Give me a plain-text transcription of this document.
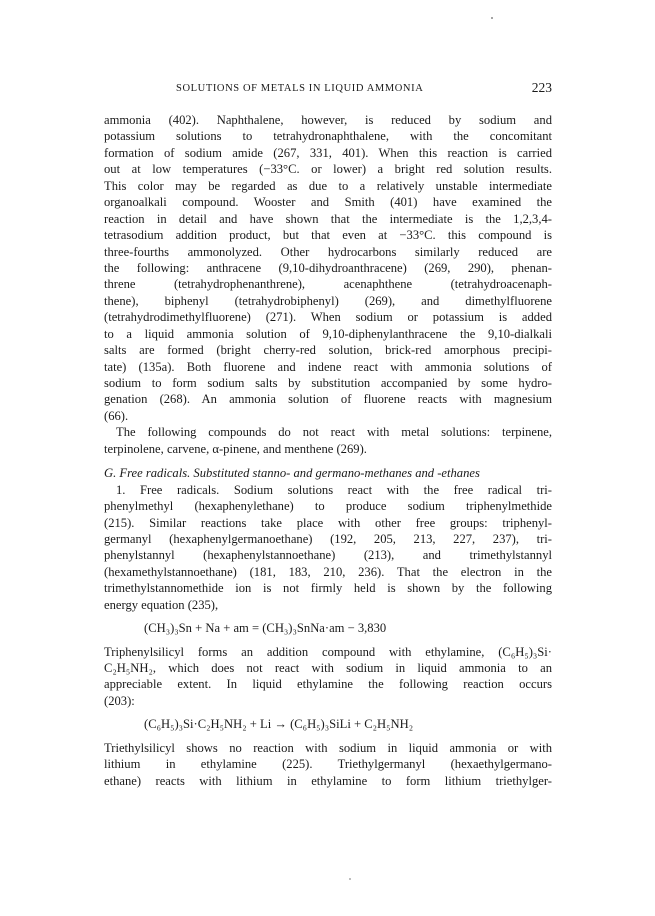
SOLUTIONS OF METALS IN LIQUID AMMONIA	223
ammonia (402). Naphthalene, however, is reduced by sodium and
potassium solutions to tetrahydronaphthalene, with the concomitant
formation of sodium amide (267, 331, 401). When this reaction is carried
out at low temperatures (−33°C. or lower) a bright red solution results.
This color may be regarded as due to a relatively unstable intermediate
organoalkali compound. Wooster and Smith (401) have examined the
reaction in detail and have shown that the intermediate is the 1,2,3,4-
tetrasodium addition product, but that even at −33°C. this compound is
three-fourths ammonolyzed. Other hydrocarbons similarly reduced are
the following: anthracene (9,10-dihydroanthracene) (269, 290), phenan-
threne (tetrahydrophenanthrene), acenaphthene (tetrahydroacenaph-
thene), biphenyl (tetrahydrobiphenyl) (269), and dimethylfluorene
(tetrahydrodimethylfluorene) (271). When sodium or potassium is added
to a liquid ammonia solution of 9,10-diphenylanthracene the 9,10-dialkali
salts are formed (bright cherry-red solution, brick-red amorphous precipi-
tate) (135a). Both fluorene and indene react with ammonia solutions of
sodium to form sodium salts by substitution accompanied by some hydro-
genation (268). An ammonia solution of fluorene reacts with magnesium
(66).
The following compounds do not react with metal solutions: terpinene,
terpinolene, carvene, α-pinene, and menthene (269).
G. Free radicals. Substituted stanno- and germano-methanes and -ethanes
1. Free radicals. Sodium solutions react with the free radical tri-
phenylmethyl (hexaphenylethane) to produce sodium triphenylmethide
(215). Similar reactions take place with other free groups: triphenyl-
germanyl (hexaphenylgermanoethane) (192, 205, 213, 227, 237), tri-
phenylstannyl (hexaphenylstannoethane) (213), and trimethylstannyl
(hexamethylstannoethane) (181, 183, 210, 236). That the electron in the
trimethylstannomethide ion is not firmly held is shown by the following
energy equation (235),
(CH₃)₃Sn + Na + am = (CH₃)₃SnNa·am − 3,830
Triphenylsilicyl forms an addition compound with ethylamine, (C₆H₅)₃Si·
C₂H₅NH₂, which does not react with sodium in liquid ammonia to an
appreciable extent. In liquid ethylamine the following reaction occurs
(203):
(C₆H₅)₃Si·C₂H₅NH₂ + Li → (C₆H₅)₃SiLi + C₂H₅NH₂
Triethylsilicyl shows no reaction with sodium in liquid ammonia or with
lithium in ethylamine (225). Triethylgermanyl (hexaethylgermano-
ethane) reacts with lithium in ethylamine to form lithium triethylger-
